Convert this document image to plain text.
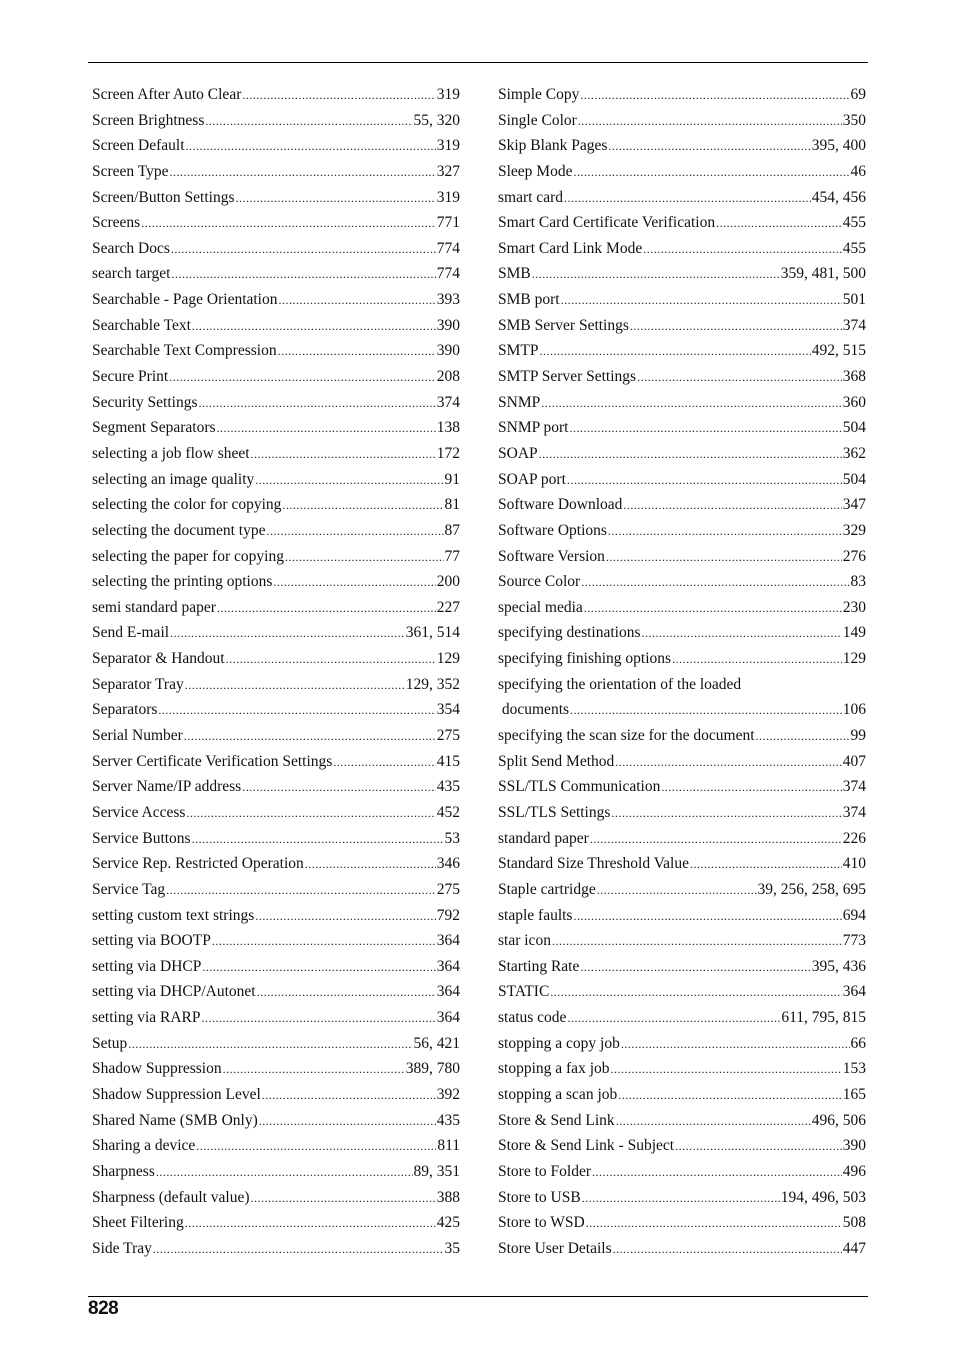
Screen After Auto Clear .....	319
Screen Brightness .....	55, 320
Screen Default .....	319
Screen Type .....	327
Screen/Button Settings .....	319
Screens .....	771
Search Docs .....	774
search target .....	774
Searchable - Page Orientation .....	393
Searchable Text .....	390
Searchable Text Compression .....	390
Secure Print .....	208
Security Settings .....	374
Segment Separators .....	138
selecting a job flow sheet .....	172
selecting an image quality .....	91
selecting the color for copying .....	81
selecting the document type .....	87
selecting the paper for copying .....	77
selecting the printing options .....	200
semi standard paper .....	227
Send E-mail .....	361, 514
Separator & Handout .....	129
Separator Tray .....	129, 352
Separators .....	354
Serial Number .....	275
Server Certificate Verification Settings .....	415
Server Name/IP address .....	435
Service Access .....	452
Service Buttons .....	53
Service Rep. Restricted Operation .....	346
Service Tag .....	275
setting custom text strings .....	792
setting via BOOTP .....	364
setting via DHCP .....	364
setting via DHCP/Autonet .....	364
setting via RARP .....	364
Setup .....	56, 421
Shadow Suppression .....	389, 780
Shadow Suppression Level .....	392
Shared Name (SMB Only) .....	435
Sharing a device .....	811
Sharpness .....	89, 351
Sharpness (default value) .....	388
Sheet Filtering .....	425
Side Tray .....	35
Simple Copy .....	69
Single Color .....	350
Skip Blank Pages .....	395, 400
Sleep Mode .....	46
smart card .....	454, 456
Smart Card Certificate Verification .....	455
Smart Card Link Mode .....	455
SMB .....	359, 481, 500
SMB port .....	501
SMB Server Settings .....	374
SMTP .....	492, 515
SMTP Server Settings .....	368
SNMP .....	360
SNMP port .....	504
SOAP .....	362
SOAP port .....	504
Software Download .....	347
Software Options .....	329
Software Version .....	276
Source Color .....	83
special media .....	230
specifying destinations .....	149
specifying finishing options .....	129
specifying the orientation of the loaded
documents .....	106
specifying the scan size for the document .....	99
Split Send Method .....	407
SSL/TLS Communication .....	374
SSL/TLS Settings .....	374
standard paper .....	226
Standard Size Threshold Value .....	410
Staple cartridge .....	39, 256, 258, 695
staple faults .....	694
star icon .....	773
Starting Rate .....	395, 436
STATIC .....	364
status code .....	611, 795, 815
stopping a copy job .....	66
stopping a fax job .....	153
stopping a scan job .....	165
Store & Send Link .....	496, 506
Store & Send Link - Subject .....	390
Store to Folder .....	496
Store to USB .....	194, 496, 503
Store to WSD .....	508
Store User Details .....	447
828
